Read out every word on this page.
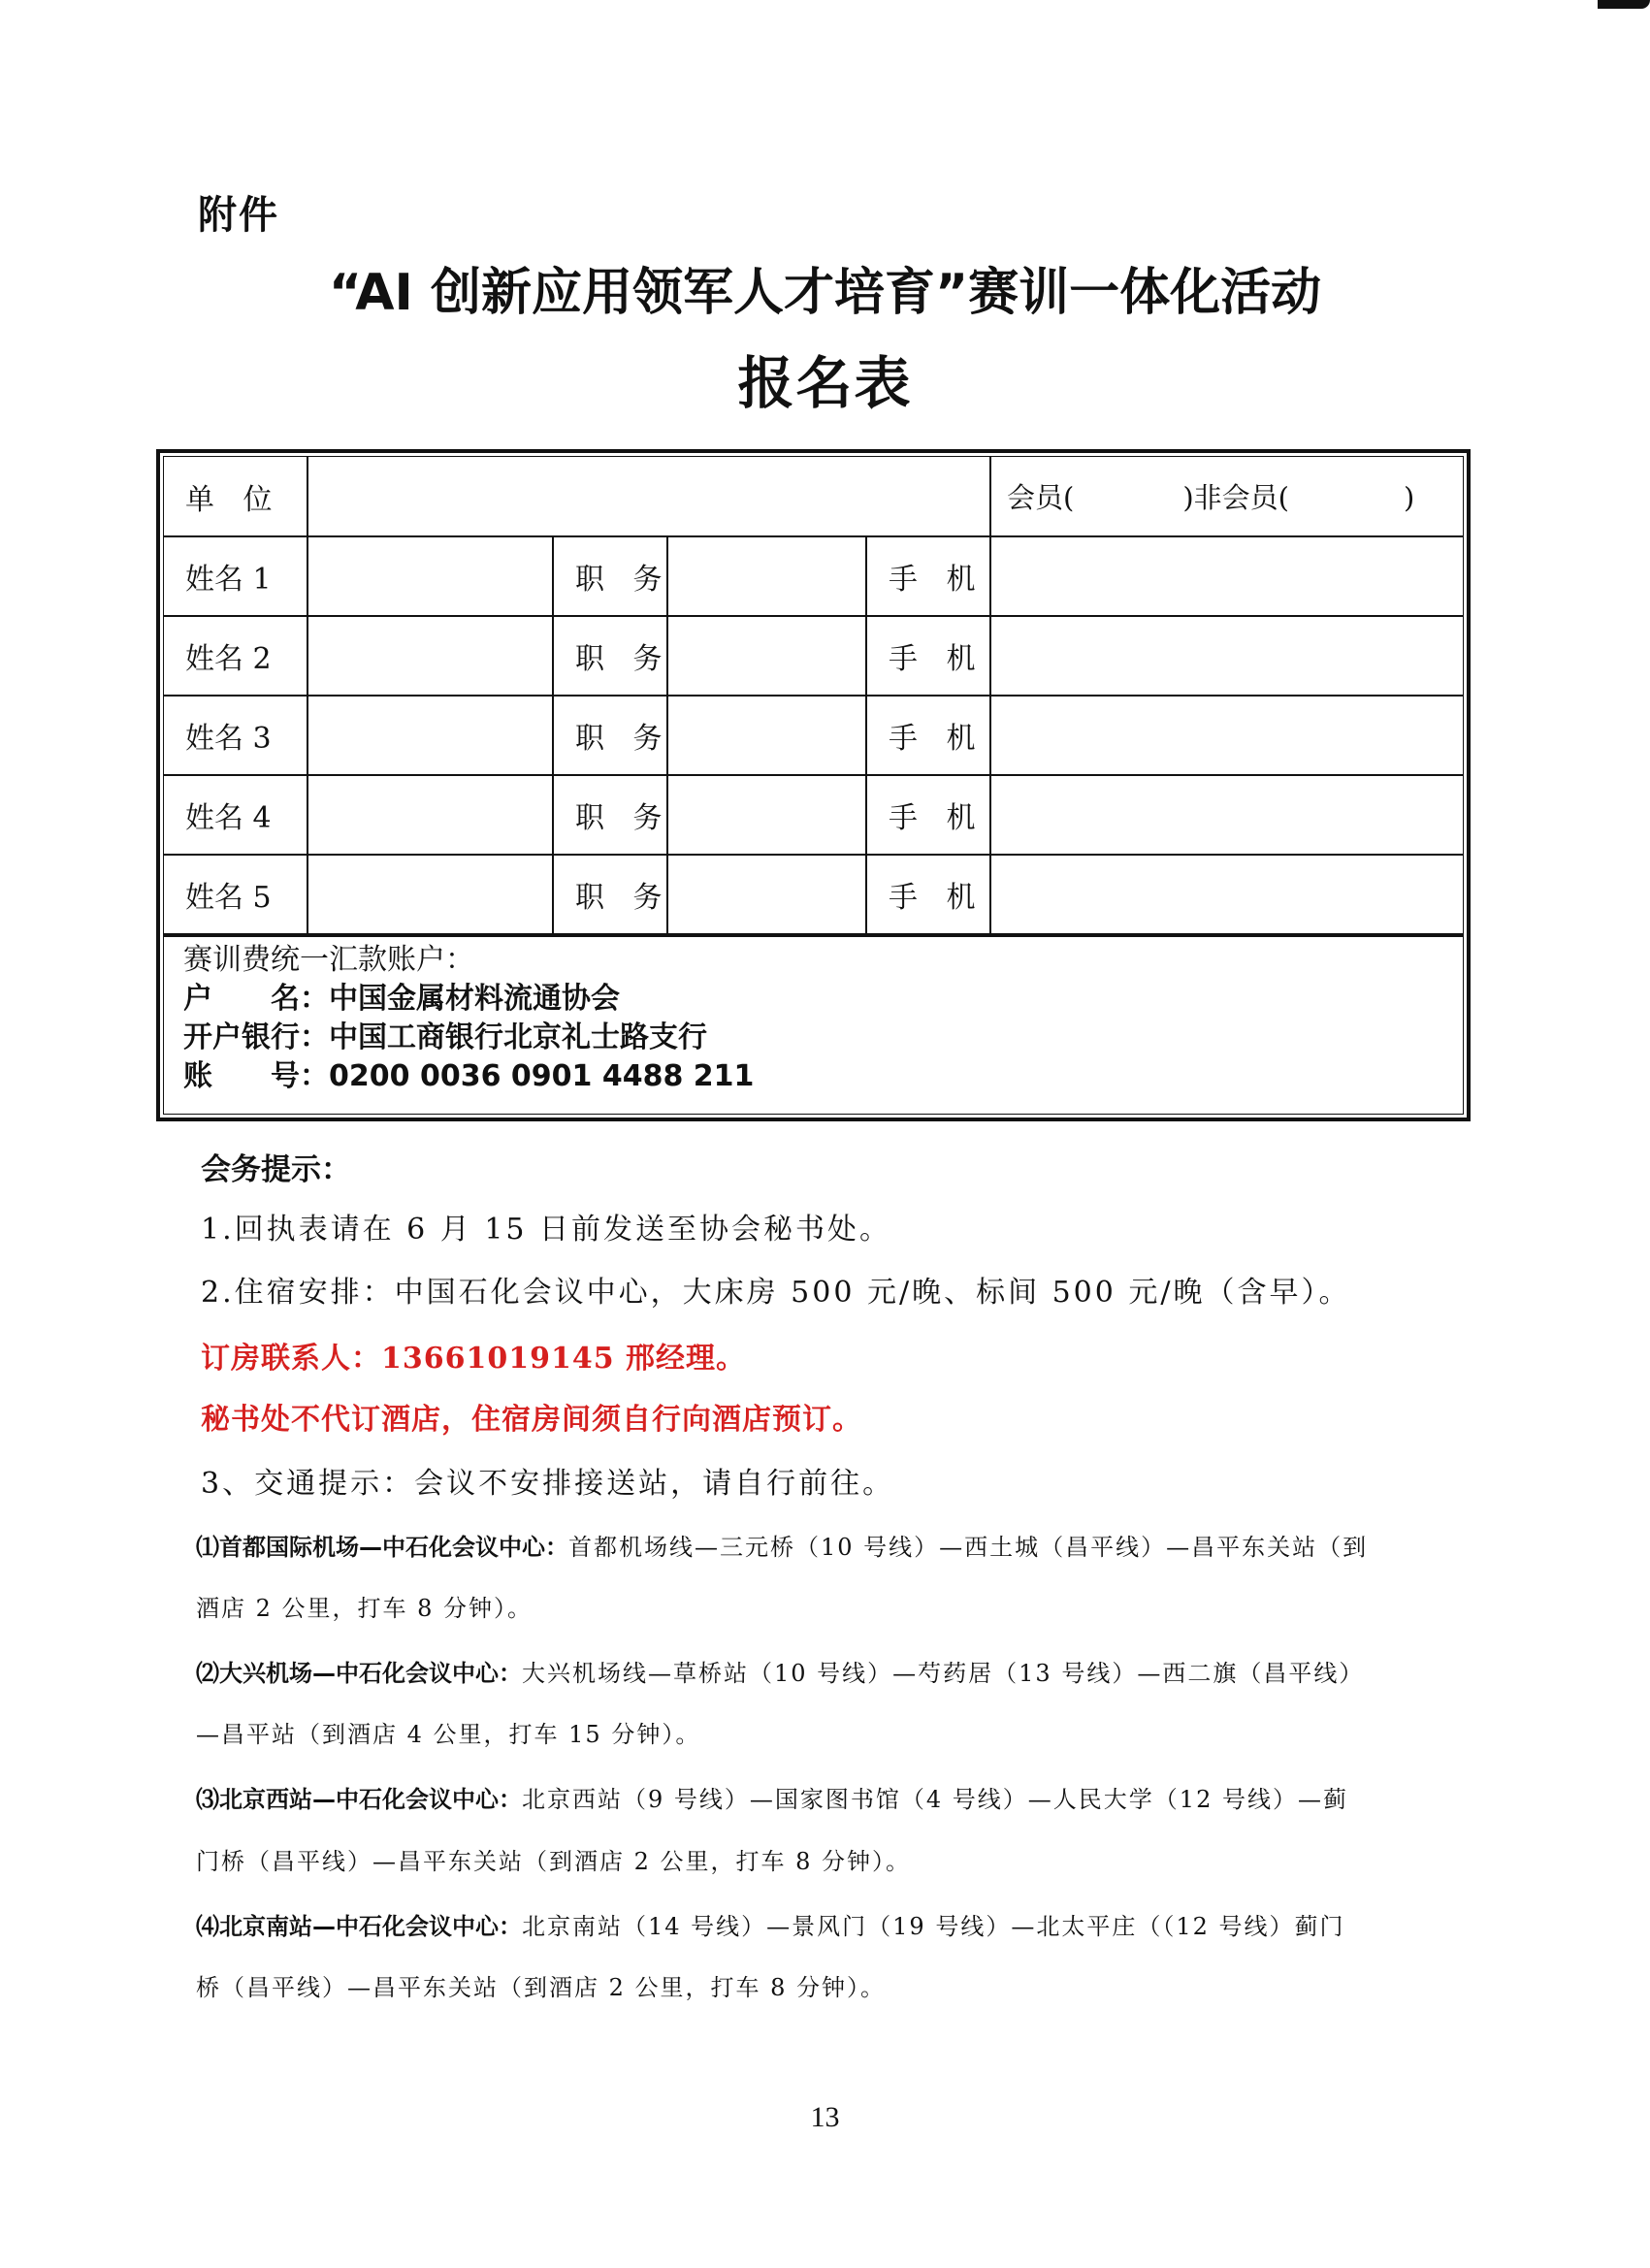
附件
“AI 创新应用领军人才培育”赛训一体化活动
报名表
单 位					会员( )非会员( )
姓名 1		职 务		手 机	
姓名 2		职 务		手 机	
姓名 3		职 务		手 机	
姓名 4		职 务		手 机	
姓名 5		职 务		手 机	
赛训费统一汇款账户：
户　　名：中国金属材料流通协会
开户银行：中国工商银行北京礼士路支行
账　　号：0200 0036 0901 4488 211
会务提示：
1.回执表请在 6 月 15 日前发送至协会秘书处。
2.住宿安排：中国石化会议中心，大床房 500 元/晚、标间 500 元/晚（含早）。
订房联系人：13661019145 邢经理。
秘书处不代订酒店，住宿房间须自行向酒店预订。
3、交通提示：会议不安排接送站，请自行前往。
⑴首都国际机场—中石化会议中心：首都机场线—三元桥（10 号线）—西土城（昌平线）—昌平东关站（到
酒店 2 公里，打车 8 分钟）。
⑵大兴机场—中石化会议中心：大兴机场线—草桥站（10 号线）—芍药居（13 号线）—西二旗（昌平线）
—昌平站（到酒店 4 公里，打车 15 分钟）。
⑶北京西站—中石化会议中心：北京西站（9 号线）—国家图书馆（4 号线）—人民大学（12 号线）—蓟
门桥（昌平线）—昌平东关站（到酒店 2 公里，打车 8 分钟）。
⑷北京南站—中石化会议中心：北京南站（14 号线）—景风门（19 号线）—北太平庄（（12 号线）蓟门
桥（昌平线）—昌平东关站（到酒店 2 公里，打车 8 分钟）。
13
